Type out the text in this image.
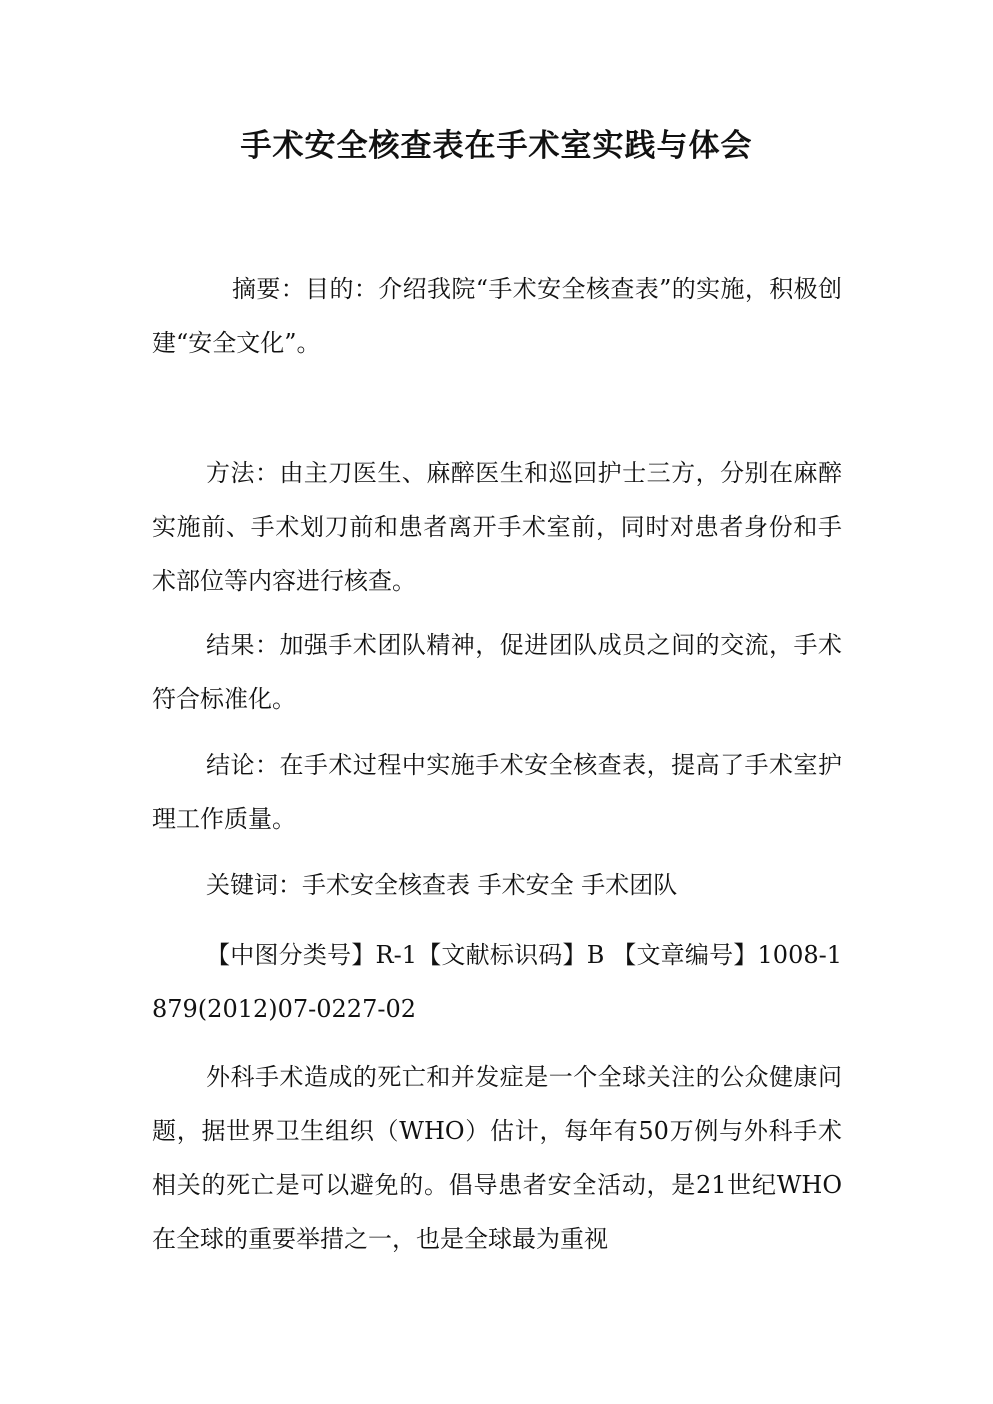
手术安全核查表在手术室实践与体会

摘要：目的：介绍我院“手术安全核查表”的实施，积极创建“安全文化”。

方法：由主刀医生、麻醉医生和巡回护士三方，分别在麻醉实施前、手术划刀前和患者离开手术室前，同时对患者身份和手术部位等内容进行核查。

结果：加强手术团队精神，促进团队成员之间的交流，手术符合标准化。

结论：在手术过程中实施手术安全核查表，提高了手术室护理工作质量。

关键词：手术安全核查表 手术安全 手术团队

【中图分类号】R-1【文献标识码】B 【文章编号】1008-1879(2012)07-0227-02

外科手术造成的死亡和并发症是一个全球关注的公众健康问题，据世界卫生组织（WHO）估计，每年有50万例与外科手术相关的死亡是可以避免的。倡导患者安全活动，是21世纪WHO在全球的重要举措之一，也是全球最为重视
